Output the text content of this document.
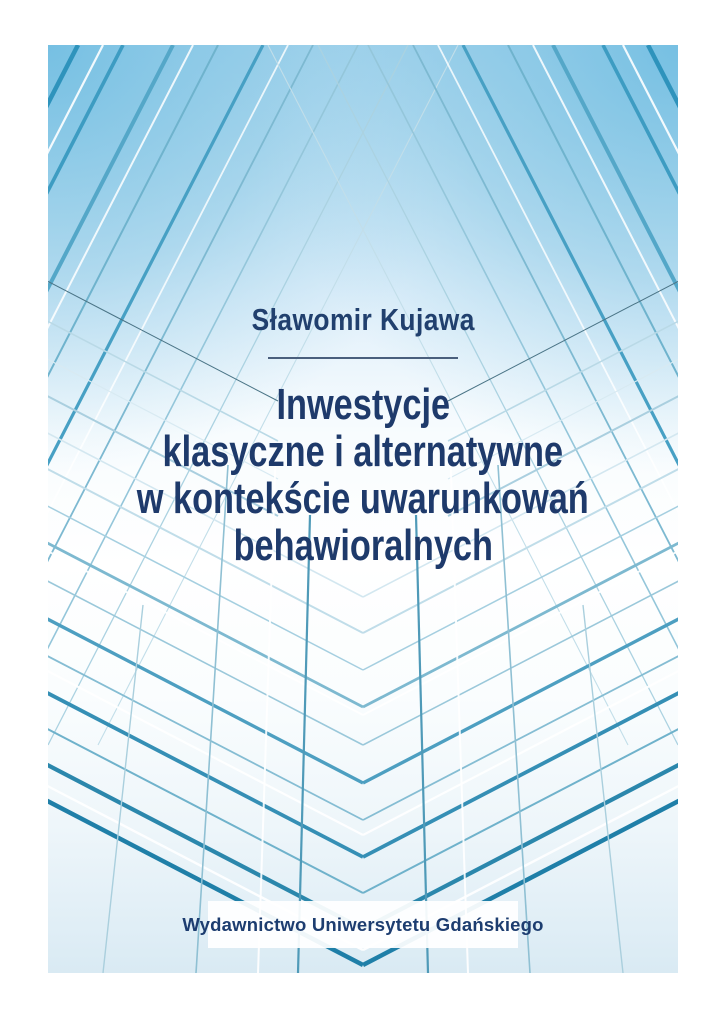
Sławomir Kujawa
Inwestycje
klasyczne i alternatywne
w kontekście uwarunkowań
behawioralnych
Wydawnictwo Uniwersytetu Gdańskiego
